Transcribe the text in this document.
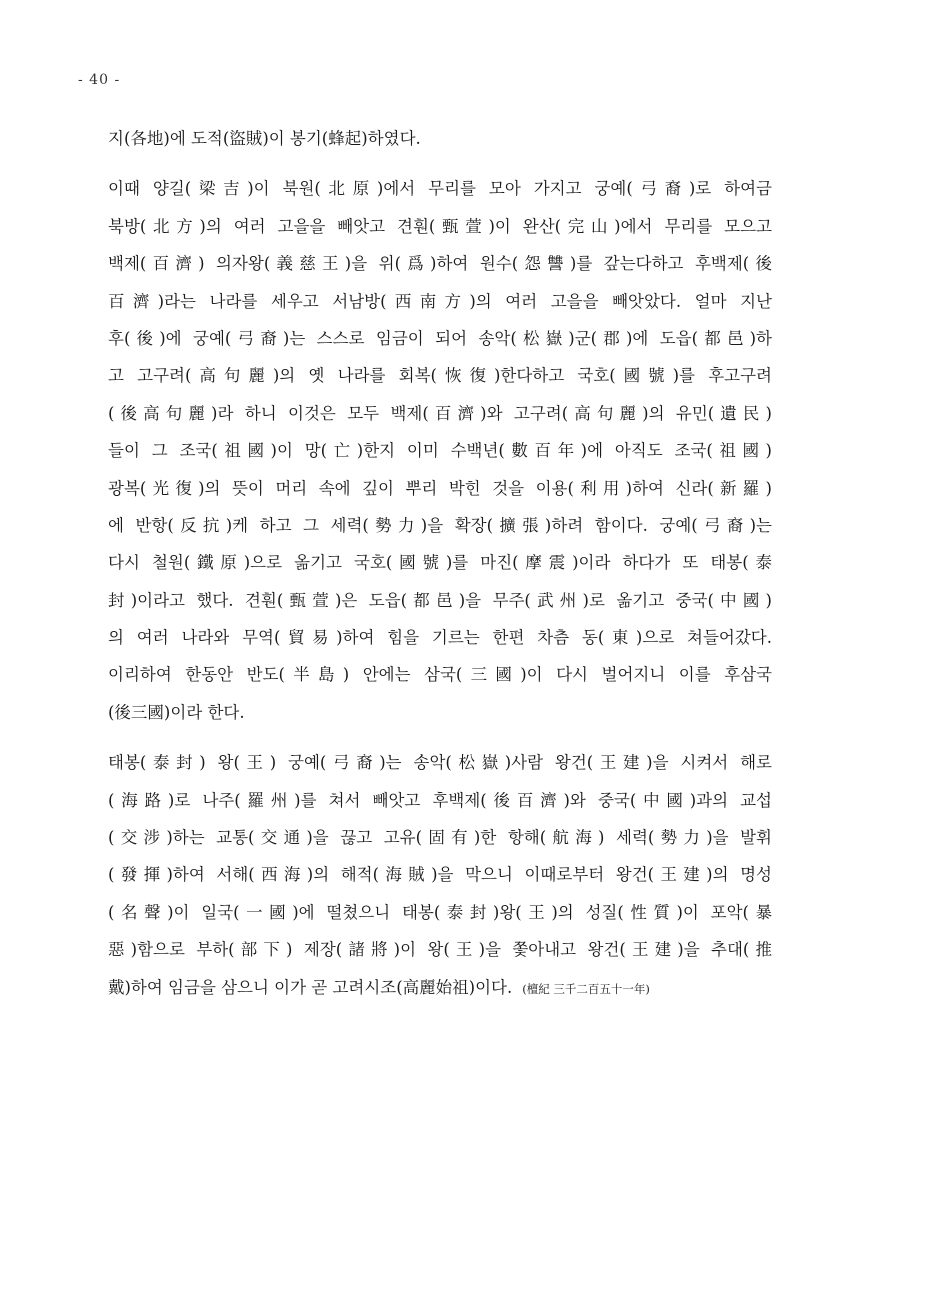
- 40 -
지(各地)에 도적(盜賊)이 봉기(蜂起)하였다.
이때 양길(梁吉)이 북원(北原)에서 무리를 모아 가지고 궁예(弓裔)로 하여금
북방(北方)의 여러 고을을 빼앗고 견훤(甄萱)이 완산(完山)에서 무리를 모으고
백제(百濟) 의자왕(義慈王)을 위(爲)하여 원수(怨讐)를 갚는다하고 후백제(後
百濟)라는 나라를 세우고 서남방(西南方)의 여러 고을을 빼앗았다. 얼마 지난
후(後)에 궁예(弓裔)는 스스로 임금이 되어 송악(松嶽)군(郡)에 도읍(都邑)하
고 고구려(高句麗)의 옛 나라를 회복(恢復)한다하고 국호(國號)를 후고구려
(後高句麗)라 하니 이것은 모두 백제(百濟)와 고구려(高句麗)의 유민(遺民)
들이 그 조국(祖國)이 망(亡)한지 이미 수백년(數百年)에 아직도 조국(祖國)
광복(光復)의 뜻이 머리 속에 깊이 뿌리 박힌 것을 이용(利用)하여 신라(新羅)
에 반항(反抗)케 하고 그 세력(勢力)을 확장(擴張)하려 함이다. 궁예(弓裔)는
다시 철원(鐵原)으로 옮기고 국호(國號)를 마진(摩震)이라 하다가 또 태봉(泰
封)이라고 했다. 견훤(甄萱)은 도읍(都邑)을 무주(武州)로 옮기고 중국(中國)
의 여러 나라와 무역(貿易)하여 힘을 기르는 한편 차츰 동(東)으로 쳐들어갔다.
이리하여 한동안 반도(半島) 안에는 삼국(三國)이 다시 벌어지니 이를 후삼국
(後三國)이라 한다.
태봉(泰封) 왕(王) 궁예(弓裔)는 송악(松嶽)사람 왕건(王建)을 시켜서 해로
(海路)로 나주(羅州)를 쳐서 빼앗고 후백제(後百濟)와 중국(中國)과의 교섭
(交涉)하는 교통(交通)을 끊고 고유(固有)한 항해(航海) 세력(勢力)을 발휘
(發揮)하여 서해(西海)의 해적(海賊)을 막으니 이때로부터 왕건(王建)의 명성
(名聲)이 일국(一國)에 떨쳤으니 태봉(泰封)왕(王)의 성질(性質)이 포악(暴
惡)함으로 부하(部下) 제장(諸將)이 왕(王)을 쫓아내고 왕건(王建)을 추대(推
戴)하여 임금을 삼으니 이가 곧 고려시조(高麗始祖)이다. (檀紀 三千二百五十一年)
